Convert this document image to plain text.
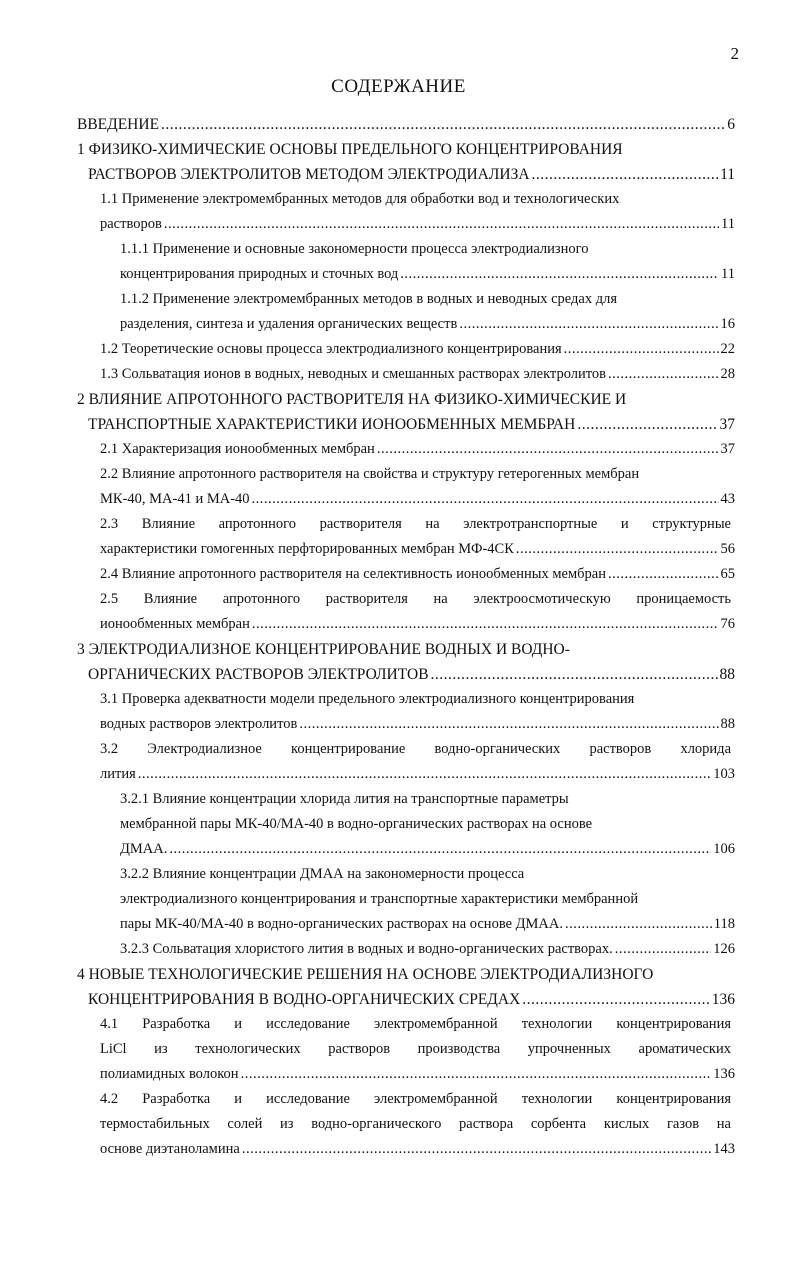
2
СОДЕРЖАНИЕ
ВВЕДЕНИЕ .....	6
1 ФИЗИКО-ХИМИЧЕСКИЕ ОСНОВЫ ПРЕДЕЛЬНОГО КОНЦЕНТРИРОВАНИЯ
РАСТВОРОВ ЭЛЕКТРОЛИТОВ МЕТОДОМ ЭЛЕКТРОДИАЛИЗА .....	11
1.1 Применение электромембранных методов для обработки вод и технологических
растворов .....	11
1.1.1 Применение и основные закономерности процесса электродиализного
концентрирования природных и сточных вод .....	11
1.1.2 Применение электромембранных методов в водных и неводных средах для
разделения, синтеза и удаления органических веществ .....	16
1.2 Теоретические основы процесса электродиализного концентрирования .....	22
1.3 Сольватация ионов в водных, неводных и смешанных растворах электролитов .....	28
2 ВЛИЯНИЕ АПРОТОННОГО РАСТВОРИТЕЛЯ НА ФИЗИКО-ХИМИЧЕСКИЕ И
ТРАНСПОРТНЫЕ ХАРАКТЕРИСТИКИ ИОНООБМЕННЫХ МЕМБРАН .....	37
2.1 Характеризация ионообменных мембран .....	37
2.2 Влияние апротонного растворителя на свойства и структуру гетерогенных мембран
МК-40, МА-41 и МА-40 .....	43
2.3 Влияние апротонного растворителя на электротранспортные и структурные
характеристики гомогенных перфторированных мембран МФ-4СК .....	56
2.4 Влияние апротонного растворителя на селективность ионообменных мембран .....	65
2.5 Влияние апротонного растворителя на электроосмотическую проницаемость
ионообменных мембран .....	76
3 ЭЛЕКТРОДИАЛИЗНОЕ КОНЦЕНТРИРОВАНИЕ ВОДНЫХ И ВОДНО-
ОРГАНИЧЕСКИХ РАСТВОРОВ ЭЛЕКТРОЛИТОВ .....	88
3.1 Проверка адекватности модели предельного электродиализного концентрирования
водных растворов электролитов .....	88
3.2 Электродиализное концентрирование водно-органических растворов хлорида
лития .....	103
3.2.1 Влияние концентрации хлорида лития на транспортные параметры
мембранной пары МК-40/МА-40 в водно-органических растворах на основе
ДМАА. .....	106
3.2.2 Влияние концентрации ДМАА на закономерности процесса
электродиализного концентрирования и транспортные характеристики мембранной
пары МК-40/МА-40 в водно-органических растворах на основе ДМАА. .....	118
3.2.3 Сольватация хлористого лития в водных и водно-органических растворах. .....	126
4 НОВЫЕ ТЕХНОЛОГИЧЕСКИЕ РЕШЕНИЯ НА ОСНОВЕ ЭЛЕКТРОДИАЛИЗНОГО
КОНЦЕНТРИРОВАНИЯ В ВОДНО-ОРГАНИЧЕСКИХ СРЕДАХ .....	136
4.1 Разработка и исследование электромембранной технологии концентрирования
LiCl из технологических растворов производства упрочненных ароматических
полиамидных волокон .....	136
4.2 Разработка и исследование электромембранной технологии концентрирования
термостабильных солей из водно-органического раствора сорбента кислых газов на
основе диэтаноламина .....	143
